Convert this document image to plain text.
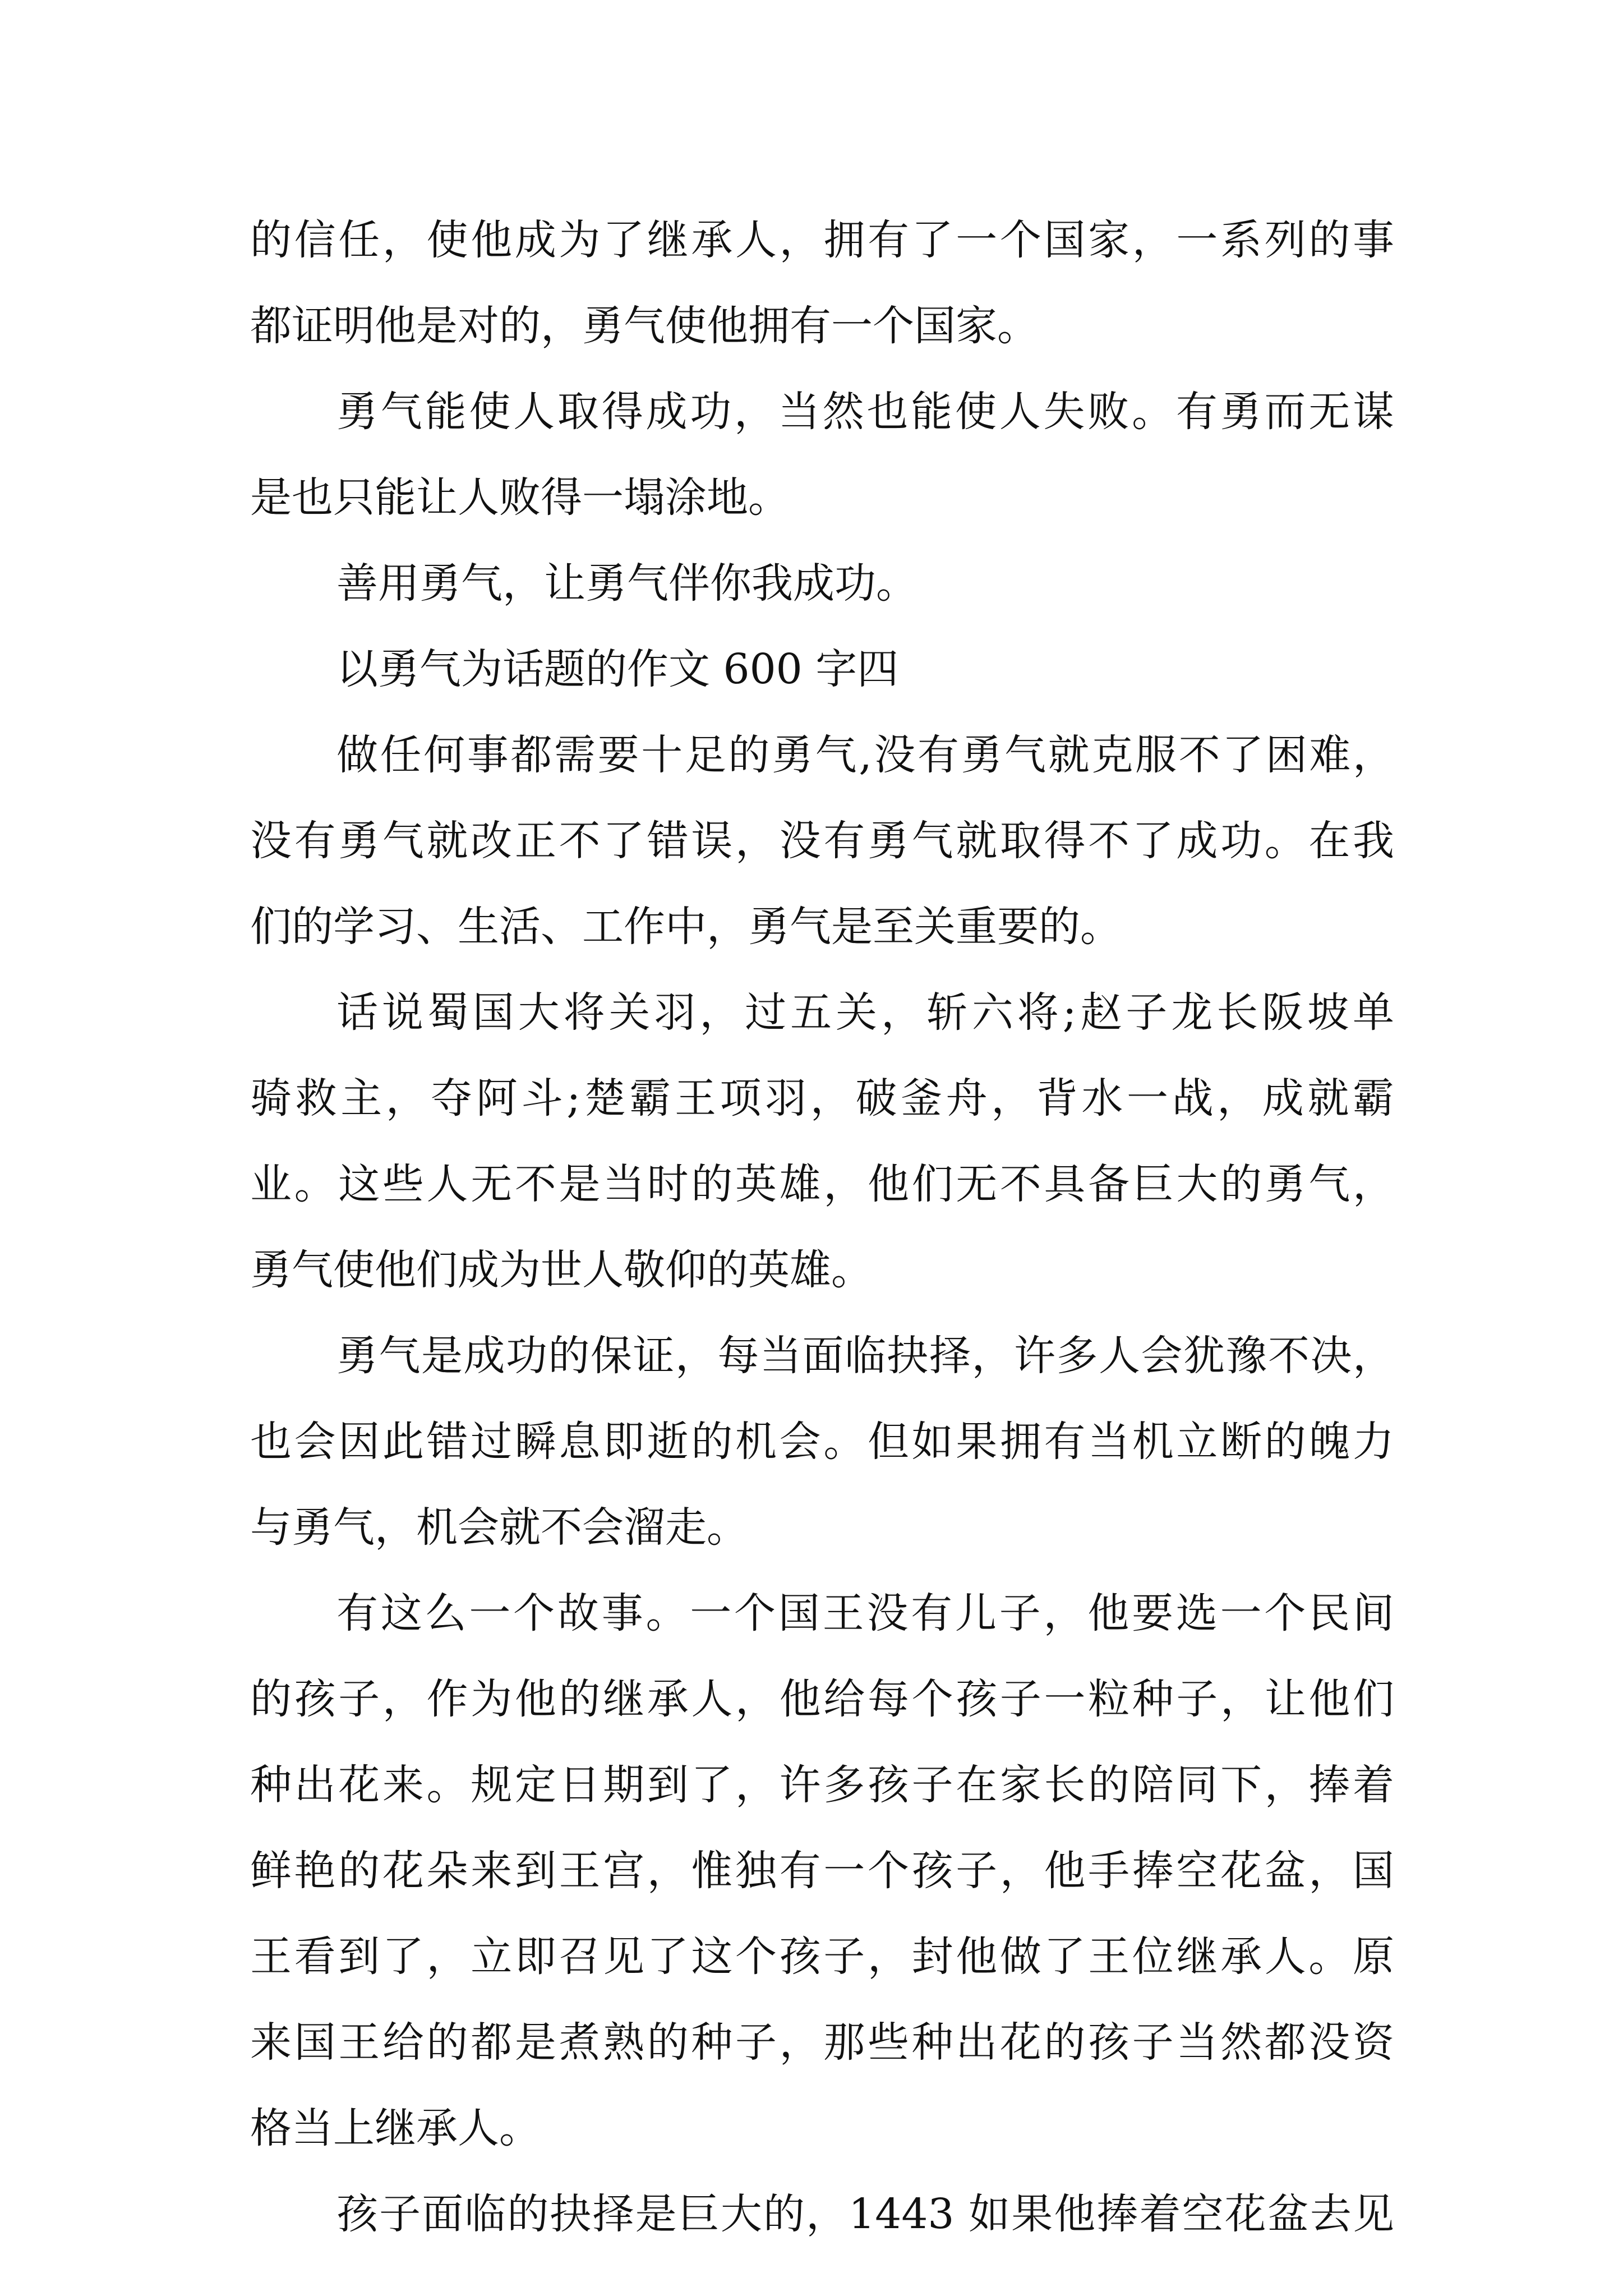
的信任，使他成为了继承人，拥有了一个国家，一系列的事
都证明他是对的，勇气使他拥有一个国家。
勇气能使人取得成功，当然也能使人失败。有勇而无谋
是也只能让人败得一塌涂地。
善用勇气，让勇气伴你我成功。
以勇气为话题的作文 600 字四
做任何事都需要十足的勇气,没有勇气就克服不了困难，
没有勇气就改正不了错误，没有勇气就取得不了成功。在我
们的学习、生活、工作中，勇气是至关重要的。
话说蜀国大将关羽，过五关，斩六将;赵子龙长阪坡单
骑救主，夺阿斗;楚霸王项羽，破釜舟，背水一战，成就霸
业。这些人无不是当时的英雄，他们无不具备巨大的勇气，
勇气使他们成为世人敬仰的英雄。
勇气是成功的保证，每当面临抉择，许多人会犹豫不决，
也会因此错过瞬息即逝的机会。但如果拥有当机立断的魄力
与勇气，机会就不会溜走。
有这么一个故事。一个国王没有儿子，他要选一个民间
的孩子，作为他的继承人，他给每个孩子一粒种子，让他们
种出花来。规定日期到了，许多孩子在家长的陪同下，捧着
鲜艳的花朵来到王宫，惟独有一个孩子，他手捧空花盆，国
王看到了，立即召见了这个孩子，封他做了王位继承人。原
来国王给的都是煮熟的种子，那些种出花的孩子当然都没资
格当上继承人。
孩子面临的抉择是巨大的，1443 如果他捧着空花盆去见
